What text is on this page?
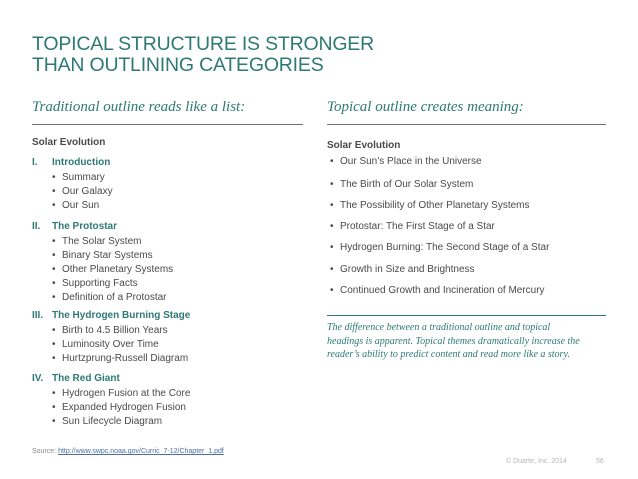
TOPICAL STRUCTURE IS STRONGER
THAN OUTLINING CATEGORIES
Traditional outline reads like a list:	Topical outline creates meaning:
Solar Evolution
I. Introduction
• Summary
• Our Galaxy
• Our Sun
II. The Protostar
• The Solar System
• Binary Star Systems
• Other Planetary Systems
• Supporting Facts
• Definition of a Protostar
III. The Hydrogen Burning Stage
• Birth to 4.5 Billion Years
• Luminosity Over Time
• Hurtzprung-Russell Diagram
IV. The Red Giant
• Hydrogen Fusion at the Core
• Expanded Hydrogen Fusion
• Sun Lifecycle Diagram
Solar Evolution
• Our Sun’s Place in the Universe
• The Birth of Our Solar System
• The Possibility of Other Planetary Systems
• Protostar: The First Stage of a Star
• Hydrogen Burning: The Second Stage of a Star
• Growth in Size and Brightness
• Continued Growth and Incineration of Mercury

The difference between a traditional outline and topical

headings is apparent. Topical themes dramatically increase the

reader’s ability to predict content and read more like a story.

Source: http://www.swpc.noaa.gov/Curric_7-12/Chapter_1.pdf
© Duarte, Inc. 2014	56
